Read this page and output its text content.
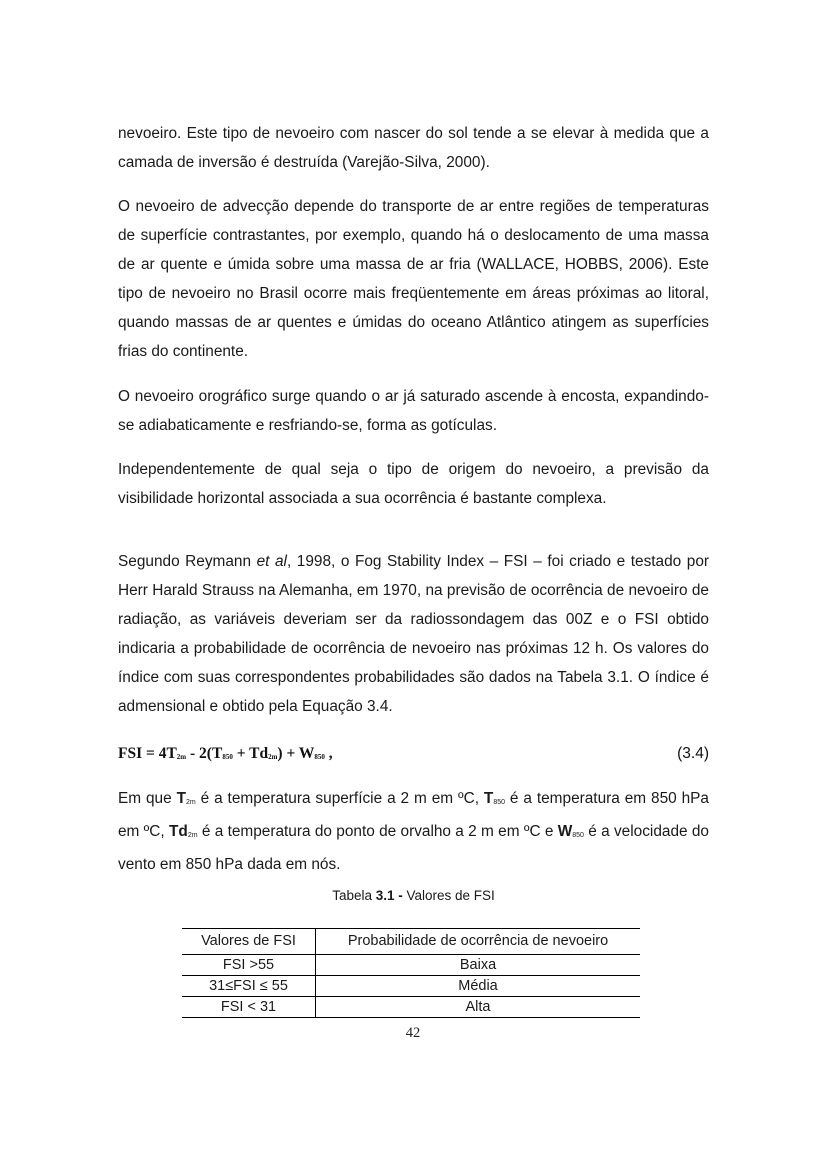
nevoeiro. Este tipo de nevoeiro com nascer do sol tende a se elevar à medida que a camada de inversão é destruída (Varejão-Silva, 2000).

O nevoeiro de advecção depende do transporte de ar entre regiões de temperaturas de superfície contrastantes, por exemplo, quando há o deslocamento de uma massa de ar quente e úmida sobre uma massa de ar fria (WALLACE, HOBBS, 2006). Este tipo de nevoeiro no Brasil ocorre mais freqüentemente em áreas próximas ao litoral, quando massas de ar quentes e úmidas do oceano Atlântico atingem as superfícies frias do continente.

O nevoeiro orográfico surge quando o ar já saturado ascende à encosta, expandindo-se adiabaticamente e resfriando-se, forma as gotículas.

Independentemente de qual seja o tipo de origem do nevoeiro, a previsão da visibilidade horizontal associada a sua ocorrência é bastante complexa.

Segundo Reymann et al, 1998, o Fog Stability Index – FSI – foi criado e testado por Herr Harald Strauss na Alemanha, em 1970, na previsão de ocorrência de nevoeiro de radiação, as variáveis deveriam ser da radiossondagem das 00Z e o FSI obtido indicaria a probabilidade de ocorrência de nevoeiro nas próximas 12 h. Os valores do índice com suas correspondentes probabilidades são dados na Tabela 3.1. O índice é admensional e obtido pela Equação 3.4.

FSI = $4T_{2m} - 2(T_{850} + Td_{2m}) + W_{850}$ ,	(3.4)

Em que $T_{2m}$ é a temperatura superfície a 2 m em ºC, $T_{850}$ é a temperatura em 850 hPa em ºC, $Td_{2m}$ é a temperatura do ponto de orvalho a 2 m em ºC e $W_{850}$ é a velocidade do vento em 850 hPa dada em nós.

Tabela 3.1 - Valores de FSI
Valores de FSI	Probabilidade de ocorrência de nevoeiro
FSI >55	Baixa
31≤FSI ≤ 55	Média
FSI < 31	Alta
42
